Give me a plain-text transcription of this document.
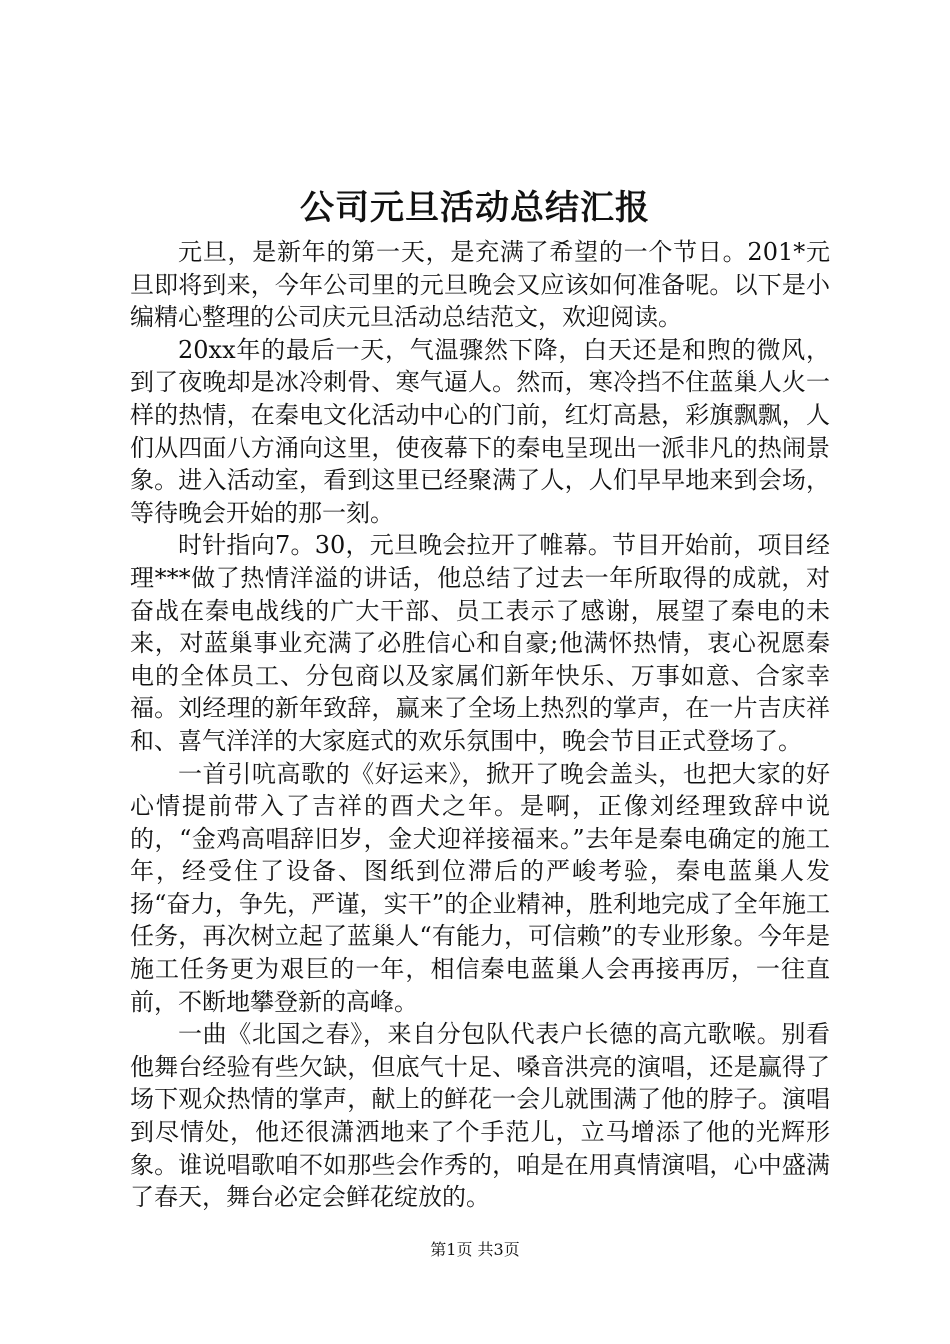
公司元旦活动总结汇报

元旦，是新年的第一天，是充满了希望的一个节日。201*元旦即将到来，今年公司里的元旦晚会又应该如何准备呢。以下是小编精心整理的公司庆元旦活动总结范文，欢迎阅读。

20xx年的最后一天，气温骤然下降，白天还是和煦的微风，到了夜晚却是冰冷刺骨、寒气逼人。然而，寒冷挡不住蓝巢人火一样的热情，在秦电文化活动中心的门前，红灯高悬，彩旗飘飘，人们从四面八方涌向这里，使夜幕下的秦电呈现出一派非凡的热闹景象。进入活动室，看到这里已经聚满了人，人们早早地来到会场，等待晚会开始的那一刻。

时针指向7。30，元旦晚会拉开了帷幕。节目开始前，项目经理***做了热情洋溢的讲话，他总结了过去一年所取得的成就，对奋战在秦电战线的广大干部、员工表示了感谢，展望了秦电的未来，对蓝巢事业充满了必胜信心和自豪;他满怀热情，衷心祝愿秦电的全体员工、分包商以及家属们新年快乐、万事如意、合家幸福。刘经理的新年致辞，赢来了全场上热烈的掌声，在一片吉庆祥和、喜气洋洋的大家庭式的欢乐氛围中，晚会节目正式登场了。

一首引吭高歌的《好运来》，掀开了晚会盖头，也把大家的好心情提前带入了吉祥的酉犬之年。是啊，正像刘经理致辞中说的，“金鸡高唱辞旧岁，金犬迎祥接福来。”去年是秦电确定的施工年，经受住了设备、图纸到位滞后的严峻考验，秦电蓝巢人发扬“奋力，争先，严谨，实干”的企业精神，胜利地完成了全年施工任务，再次树立起了蓝巢人“有能力，可信赖”的专业形象。今年是施工任务更为艰巨的一年，相信秦电蓝巢人会再接再厉，一往直前，不断地攀登新的高峰。

一曲《北国之春》，来自分包队代表户长德的高亢歌喉。别看他舞台经验有些欠缺，但底气十足、嗓音洪亮的演唱，还是赢得了场下观众热情的掌声，献上的鲜花一会儿就围满了他的脖子。演唱到尽情处，他还很潇洒地来了个手范儿，立马增添了他的光辉形象。谁说唱歌咱不如那些会作秀的，咱是在用真情演唱，心中盛满了春天，舞台必定会鲜花绽放的。

第1页 共3页
